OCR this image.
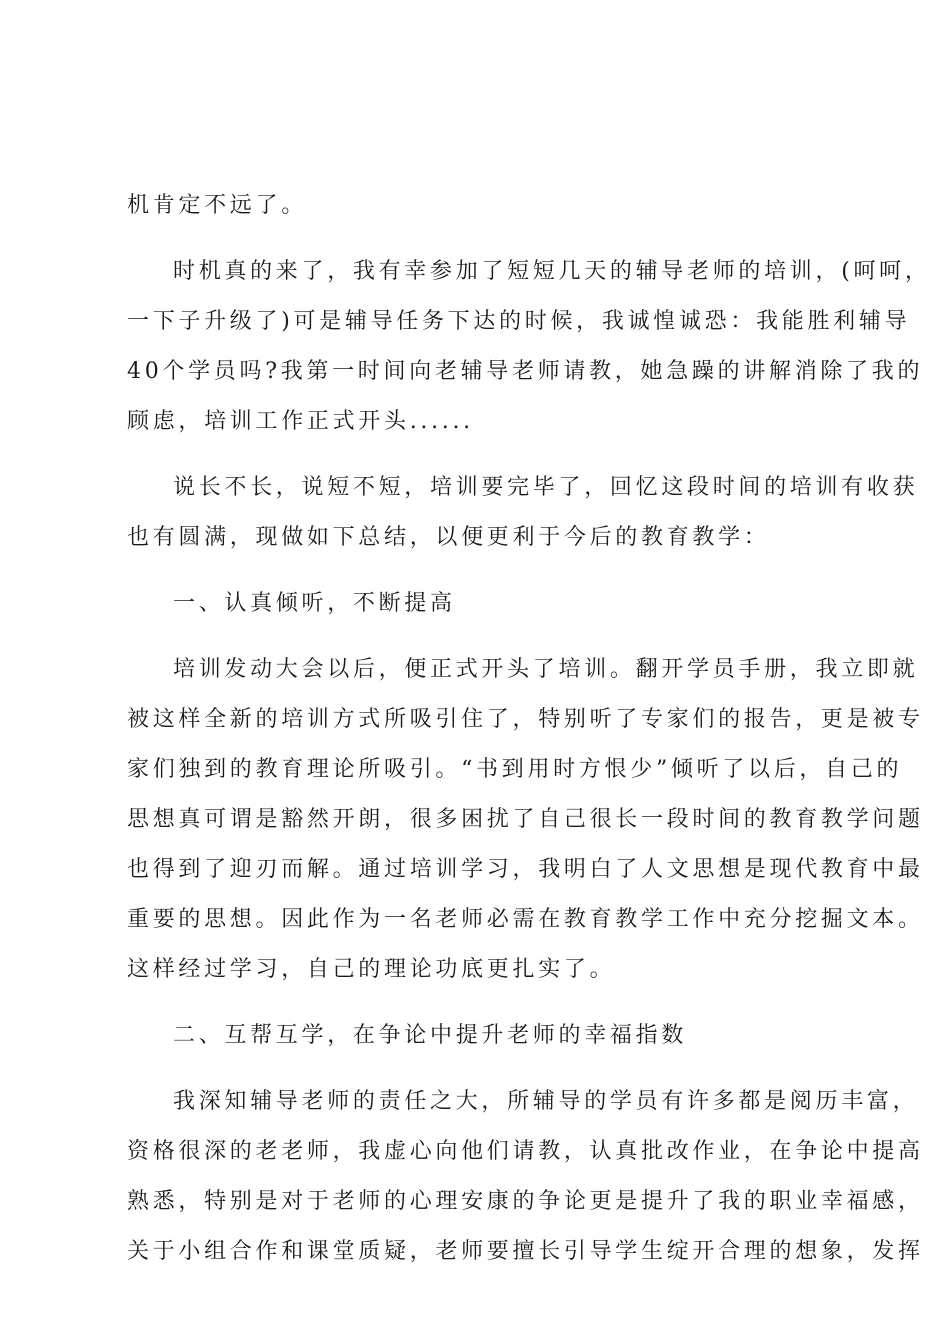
机肯定不远了。
时机真的来了，我有幸参加了短短几天的辅导老师的培训，(呵呵，
一下子升级了)可是辅导任务下达的时候，我诚惶诚恐：我能胜利辅导
40个学员吗?我第一时间向老辅导老师请教，她急躁的讲解消除了我的
顾虑，培训工作正式开头......
说长不长，说短不短，培训要完毕了，回忆这段时间的培训有收获
也有圆满，现做如下总结，以便更利于今后的教育教学：
一、认真倾听，不断提高
培训发动大会以后，便正式开头了培训。翻开学员手册，我立即就
被这样全新的培训方式所吸引住了，特别听了专家们的报告，更是被专
家们独到的教育理论所吸引。“书到用时方恨少”倾听了以后，自己的
思想真可谓是豁然开朗，很多困扰了自己很长一段时间的教育教学问题
也得到了迎刃而解。通过培训学习，我明白了人文思想是现代教育中最
重要的思想。因此作为一名老师必需在教育教学工作中充分挖掘文本。
这样经过学习，自己的理论功底更扎实了。
二、互帮互学，在争论中提升老师的幸福指数
我深知辅导老师的责任之大，所辅导的学员有许多都是阅历丰富，
资格很深的老老师，我虚心向他们请教，认真批改作业，在争论中提高
熟悉，特别是对于老师的心理安康的争论更是提升了我的职业幸福感，
关于小组合作和课堂质疑，老师要擅长引导学生绽开合理的想象，发挥
